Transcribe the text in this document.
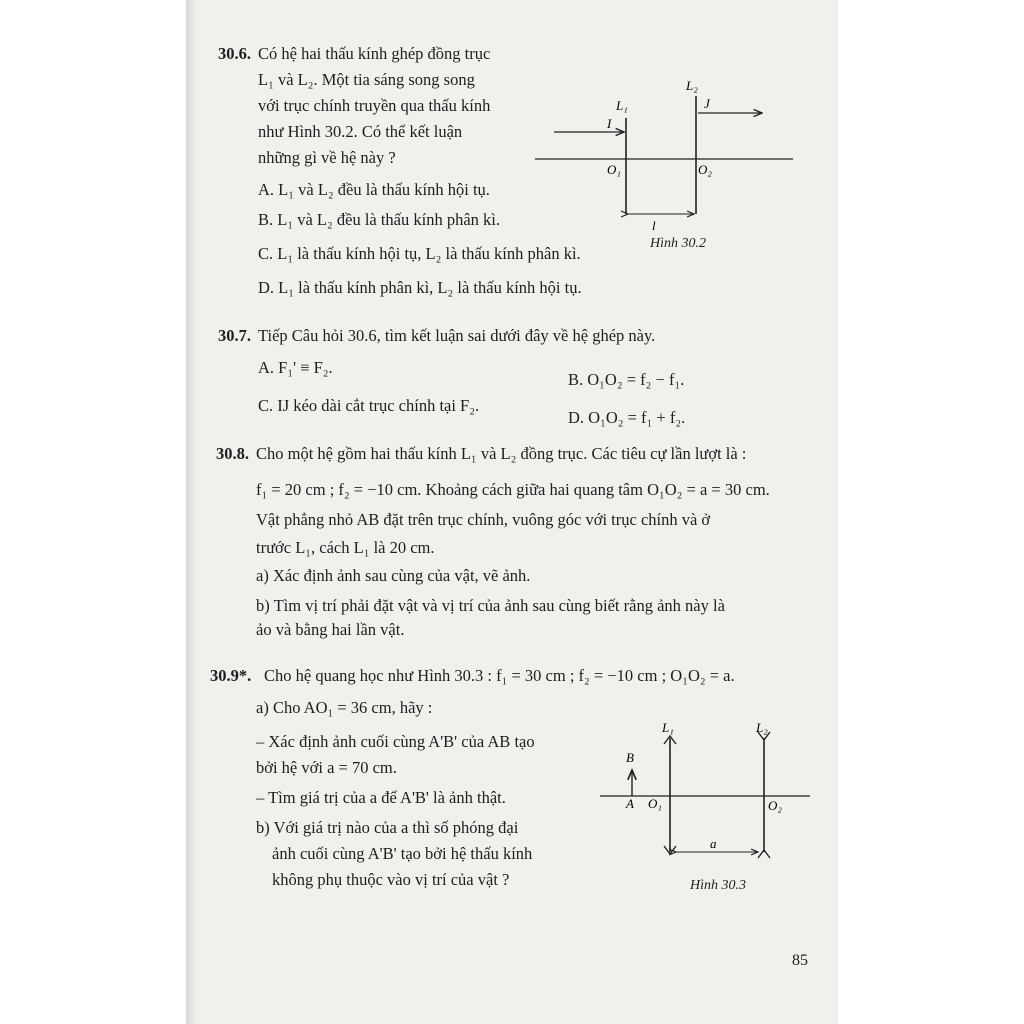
30.6. Có hệ hai thấu kính ghép đồng trục
L₁ và L₂. Một tia sáng song song
với trục chính truyền qua thấu kính
như Hình 30.2. Có thể kết luận
những gì về hệ này ?
A. L₁ và L₂ đều là thấu kính hội tụ.
B. L₁ và L₂ đều là thấu kính phân kì.
C. L₁ là thấu kính hội tụ, L₂ là thấu kính phân kì.
D. L₁ là thấu kính phân kì, L₂ là thấu kính hội tụ.
L₁
L₂
I
J
O₁	O₂
l
Hình 30.2
30.7. Tiếp Câu hỏi 30.6, tìm kết luận sai dưới đây về hệ ghép này.
A. F₁' ≡ F₂.
B. O₁O₂ = f₂ − f₁.
C. IJ kéo dài cắt trục chính tại F₂.
D. O₁O₂ = f₁ + f₂.
30.8. Cho một hệ gồm hai thấu kính L₁ và L₂ đồng trục. Các tiêu cự lần lượt là :
f₁ = 20 cm ; f₂ = −10 cm. Khoảng cách giữa hai quang tâm O₁O₂ = a = 30 cm.
Vật phẳng nhỏ AB đặt trên trục chính, vuông góc với trục chính và ở
trước L₁, cách L₁ là 20 cm.
a) Xác định ảnh sau cùng của vật, vẽ ảnh.
b) Tìm vị trí phải đặt vật và vị trí của ảnh sau cùng biết rằng ảnh này là
ảo và bằng hai lần vật.
30.9*. Cho hệ quang học như Hình 30.3 : f₁ = 30 cm ; f₂ = −10 cm ; O₁O₂ = a.
a) Cho AO₁ = 36 cm, hãy :
– Xác định ảnh cuối cùng A'B' của AB tạo
bởi hệ với a = 70 cm.
– Tìm giá trị của a để A'B' là ảnh thật.
b) Với giá trị nào của a thì số phóng đại
ảnh cuối cùng A'B' tạo bởi hệ thấu kính
không phụ thuộc vào vị trí của vật ?
L₁	L₂
B
A O₁	O₂
a
Hình 30.3
85
